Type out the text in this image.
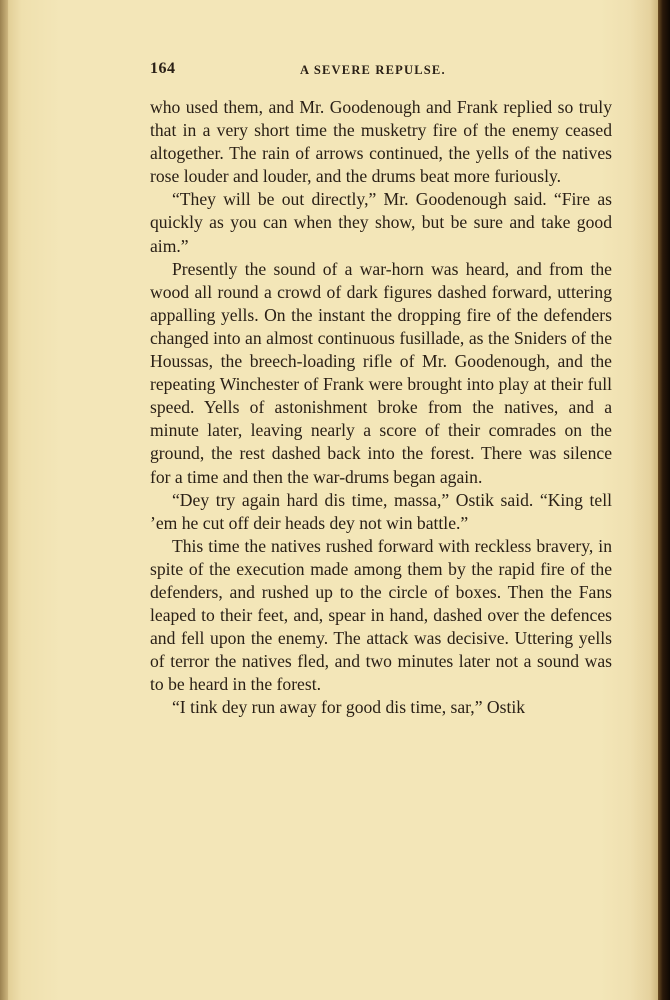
164	A SEVERE REPULSE.

who used them, and Mr. Goodenough and Frank replied so truly that in a very short time the musketry fire of the enemy ceased altogether. The rain of arrows continued, the yells of the natives rose louder and louder, and the drums beat more furiously.

“They will be out directly,” Mr. Goodenough said. “Fire as quickly as you can when they show, but be sure and take good aim.”

Presently the sound of a war-horn was heard, and from the wood all round a crowd of dark figures dashed forward, uttering appalling yells. On the instant the dropping fire of the defenders changed into an almost continuous fusillade, as the Sniders of the Houssas, the breech-loading rifle of Mr. Goodenough, and the repeating Winchester of Frank were brought into play at their full speed. Yells of astonishment broke from the natives, and a minute later, leaving nearly a score of their comrades on the ground, the rest dashed back into the forest. There was silence for a time and then the war-drums began again.

“Dey try again hard dis time, massa,” Ostik said. “King tell ’em he cut off deir heads dey not win battle.”

This time the natives rushed forward with reckless bravery, in spite of the execution made among them by the rapid fire of the defenders, and rushed up to the circle of boxes. Then the Fans leaped to their feet, and, spear in hand, dashed over the defences and fell upon the enemy. The attack was decisive. Uttering yells of terror the natives fled, and two minutes later not a sound was to be heard in the forest.

“I tink dey run away for good dis time, sar,” Ostik
